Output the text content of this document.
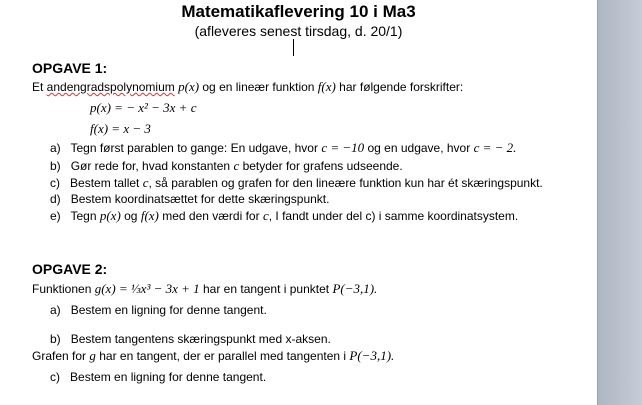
Matematikaflevering 10 i Ma3
(afleveres senest tirsdag, d. 20/1)
OPGAVE 1:
Et andengradspolynomium p(x) og en lineær funktion f(x) har følgende forskrifter:
p(x) = − x² − 3x + c
f(x) = x − 3
a) Tegn først parablen to gange: En udgave, hvor c = −10 og en udgave, hvor c = − 2.
b) Gør rede for, hvad konstanten c betyder for grafens udseende.
c) Bestem tallet c, så parablen og grafen for den lineære funktion kun har ét skæringspunkt.
d) Bestem koordinatsættet for dette skæringspunkt.
e) Tegn p(x) og f(x) med den værdi for c, I fandt under del c) i samme koordinatsystem.
OPGAVE 2:
Funktionen g(x) = ⅓x³ − 3x + 1 har en tangent i punktet P(−3,1).
a) Bestem en ligning for denne tangent.
b) Bestem tangentens skæringspunkt med x-aksen.
Grafen for g har en tangent, der er parallel med tangenten i P(−3,1).
c) Bestem en ligning for denne tangent.
